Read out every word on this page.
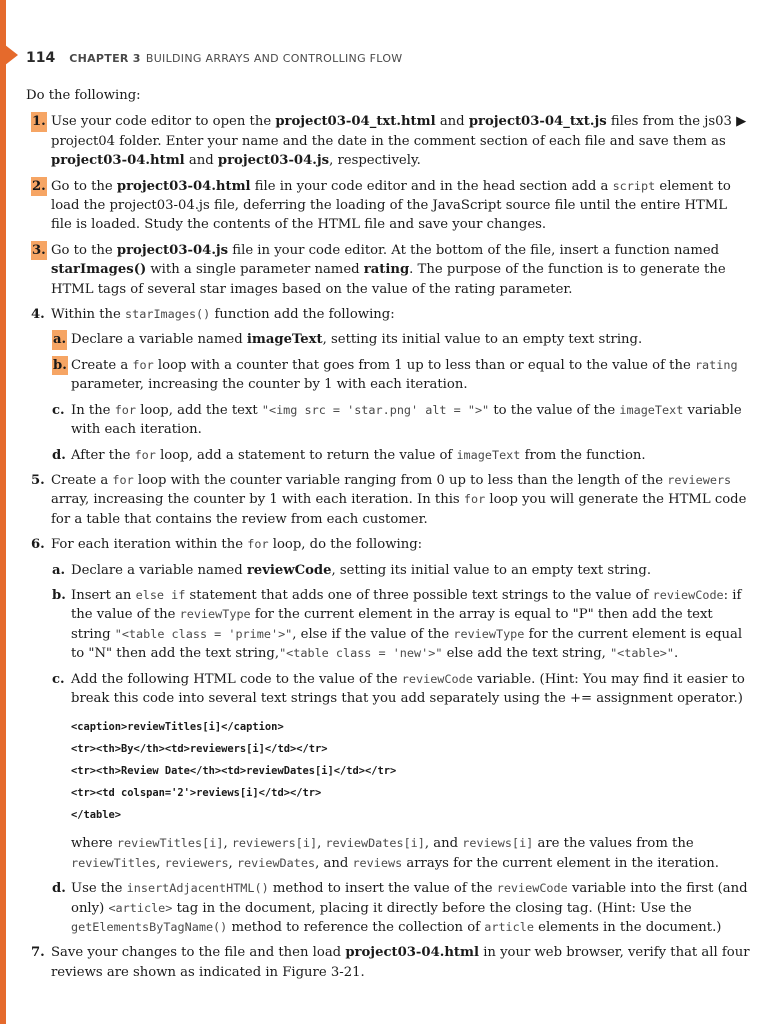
114 CHAPTER 3 BUILDING ARRAYS AND CONTROLLING FLOW

Do the following:

1. Use your code editor to open the project03-04_txt.html and project03-04_txt.js files from the js03 ▶ project04 folder. Enter your name and the date in the comment section of each file and save them as project03-04.html and project03-04.js, respectively.

2. Go to the project03-04.html file in your code editor and in the head section add a script element to load the project03-04.js file, deferring the loading of the JavaScript source file until the entire HTML file is loaded. Study the contents of the HTML file and save your changes.

3. Go to the project03-04.js file in your code editor. At the bottom of the file, insert a function named starImages() with a single parameter named rating. The purpose of the function is to generate the HTML tags of several star images based on the value of the rating parameter.

4. Within the starImages() function add the following:

a. Declare a variable named imageText, setting its initial value to an empty text string.

b. Create a for loop with a counter that goes from 1 up to less than or equal to the value of the rating parameter, increasing the counter by 1 with each iteration.

c. In the for loop, add the text "<img src = 'star.png' alt = ">" to the value of the imageText variable with each iteration.

d. After the for loop, add a statement to return the value of imageText from the function.

5. Create a for loop with the counter variable ranging from 0 up to less than the length of the reviewers array, increasing the counter by 1 with each iteration. In this for loop you will generate the HTML code for a table that contains the review from each customer.

6. For each iteration within the for loop, do the following:

a. Declare a variable named reviewCode, setting its initial value to an empty text string.

b. Insert an else if statement that adds one of three possible text strings to the value of reviewCode: if the value of the reviewType for the current element in the array is equal to "P" then add the text string "<table class = 'prime'>", else if the value of the reviewType for the current element is equal to "N" then add the text string,"<table class = 'new'>" else add the text string, "<table>".

c. Add the following HTML code to the value of the reviewCode variable. (Hint: You may find it easier to break this code into several text strings that you add separately using the += assignment operator.)

<caption>reviewTitles[i]</caption>
<tr><th>By</th><td>reviewers[i]</td></tr>
<tr><th>Review Date</th><td>reviewDates[i]</td></tr>
<tr><td colspan='2'>reviews[i]</td></tr>
</table>

where reviewTitles[i], reviewers[i], reviewDates[i], and reviews[i] are the values from the reviewTitles, reviewers, reviewDates, and reviews arrays for the current element in the iteration.

d. Use the insertAdjacentHTML() method to insert the value of the reviewCode variable into the first (and only) <article> tag in the document, placing it directly before the closing tag. (Hint: Use the getElementsByTagName() method to reference the collection of article elements in the document.)

7. Save your changes to the file and then load project03-04.html in your web browser, verify that all four reviews are shown as indicated in Figure 3-21.
